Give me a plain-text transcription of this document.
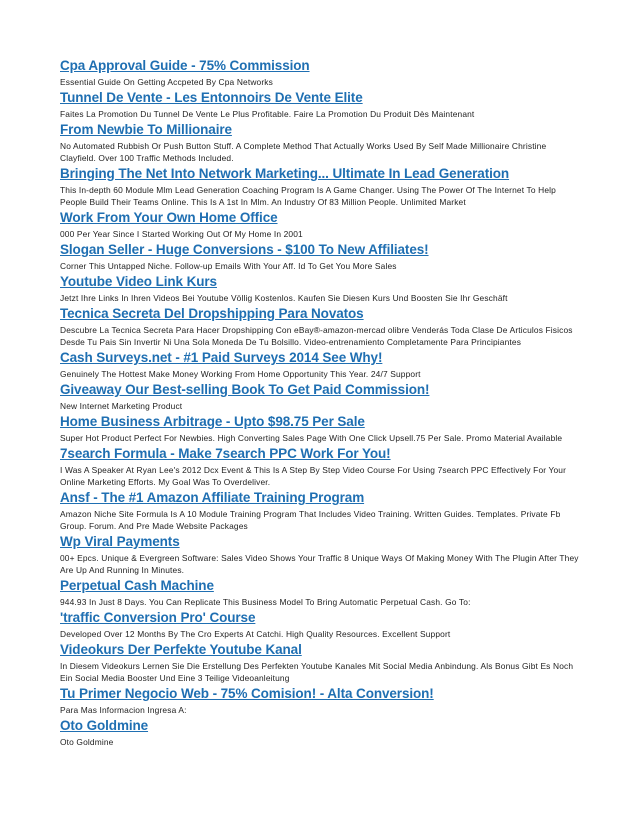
Cpa Approval Guide - 75% Commission
Essential Guide On Getting Accpeted By Cpa Networks
Tunnel De Vente - Les Entonnoirs De Vente Elite
Faites La Promotion Du Tunnel De Vente Le Plus Profitable. Faire La Promotion Du Produit Dès Maintenant
From Newbie To Millionaire
No Automated Rubbish Or Push Button Stuff. A Complete Method That Actually Works Used By Self Made Millionaire Christine Clayfield. Over 100 Traffic Methods Included.
Bringing The Net Into Network Marketing... Ultimate In Lead Generation
This In-depth 60 Module Mlm Lead Generation Coaching Program Is A Game Changer. Using The Power Of The Internet To Help People Build Their Teams Online. This Is A 1st In Mlm. An Industry Of 83 Million People. Unlimited Market
Work From Your Own Home Office
000 Per Year Since I Started Working Out Of My Home In 2001
Slogan Seller - Huge Conversions - $100 To New Affiliates!
Corner This Untapped Niche. Follow-up Emails With Your Aff. Id To Get You More Sales
Youtube Video Link Kurs
Jetzt Ihre Links In Ihren Videos Bei Youtube Völlig Kostenlos. Kaufen Sie Diesen Kurs Und Boosten Sie Ihr Geschäft
Tecnica Secreta Del Dropshipping Para Novatos
Descubre La Tecnica Secreta Para Hacer Dropshipping Con eBay®-amazon-mercad olibre Venderás Toda Clase De Articulos Fisicos Desde Tu Pais Sin Invertir Ni Una Sola Moneda De Tu Bolsillo. Video-entrenamiento Completamente Para Principiantes
Cash Surveys.net - #1 Paid Surveys 2014 See Why!
Genuinely The Hottest Make Money Working From Home Opportunity This Year. 24/7 Support
Giveaway Our Best-selling Book To Get Paid Commission!
New Internet Marketing Product
Home Business Arbitrage - Upto $98.75 Per Sale
Super Hot Product Perfect For Newbies. High Converting Sales Page With One Click Upsell.75 Per Sale. Promo Material Available
7search Formula - Make 7search PPC Work For You!
I Was A Speaker At Ryan Lee's 2012 Dcx Event & This Is A Step By Step Video Course For Using 7search PPC Effectively For Your Online Marketing Efforts. My Goal Was To Overdeliver.
Ansf - The #1 Amazon Affiliate Training Program
Amazon Niche Site Formula Is A 10 Module Training Program That Includes Video Training. Written Guides. Templates. Private Fb Group. Forum. And Pre Made Website Packages
Wp Viral Payments
00+ Epcs. Unique & Evergreen Software: Sales Video Shows Your Traffic 8 Unique Ways Of Making Money With The Plugin After They Are Up And Running In Minutes.
Perpetual Cash Machine
944.93 In Just 8 Days. You Can Replicate This Business Model To Bring Automatic Perpetual Cash. Go To:
'traffic Conversion Pro' Course
Developed Over 12 Months By The Cro Experts At Catchi. High Quality Resources. Excellent Support
Videokurs Der Perfekte Youtube Kanal
In Diesem Videokurs Lernen Sie Die Erstellung Des Perfekten Youtube Kanales Mit Social Media Anbindung. Als Bonus Gibt Es Noch Ein Social Media Booster Und Eine 3 Teilige Videoanleitung
Tu Primer Negocio Web - 75% Comision! - Alta Conversion!
Para Mas Informacion Ingresa A:
Oto Goldmine
Oto Goldmine
